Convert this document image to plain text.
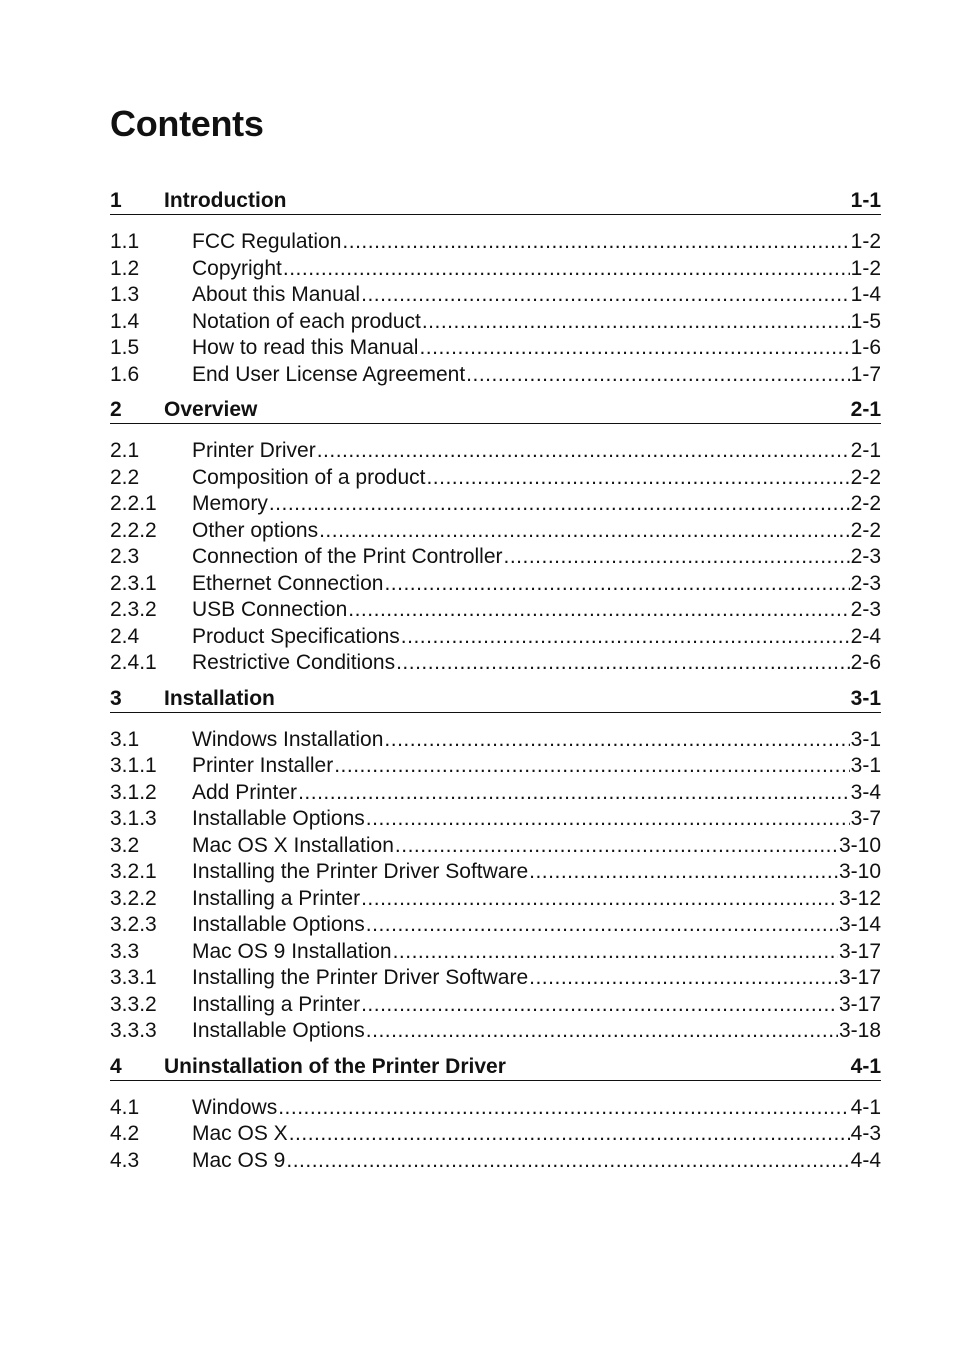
Contents
1	Introduction	1-1
1.1	FCC Regulation .....	1-2
1.2	Copyright .....	1-2
1.3	About this Manual .....	1-4
1.4	Notation of each product .....	1-5
1.5	How to read this Manual .....	1-6
1.6	End User License Agreement .....	1-7
2	Overview	2-1
2.1	Printer Driver .....	2-1
2.2	Composition of a product .....	2-2
2.2.1	Memory .....	2-2
2.2.2	Other options .....	2-2
2.3	Connection of the Print Controller .....	2-3
2.3.1	Ethernet Connection .....	2-3
2.3.2	USB Connection .....	2-3
2.4	Product Specifications .....	2-4
2.4.1	Restrictive Conditions .....	2-6
3	Installation	3-1
3.1	Windows Installation .....	3-1
3.1.1	Printer Installer .....	3-1
3.1.2	Add Printer .....	3-4
3.1.3	Installable Options .....	3-7
3.2	Mac OS X Installation .....	3-10
3.2.1	Installing the Printer Driver Software .....	3-10
3.2.2	Installing a Printer .....	3-12
3.2.3	Installable Options .....	3-14
3.3	Mac OS 9 Installation .....	3-17
3.3.1	Installing the Printer Driver Software .....	3-17
3.3.2	Installing a Printer .....	3-17
3.3.3	Installable Options .....	3-18
4	Uninstallation of the Printer Driver	4-1
4.1	Windows .....	4-1
4.2	Mac OS X .....	4-3
4.3	Mac OS 9 .....	4-4
